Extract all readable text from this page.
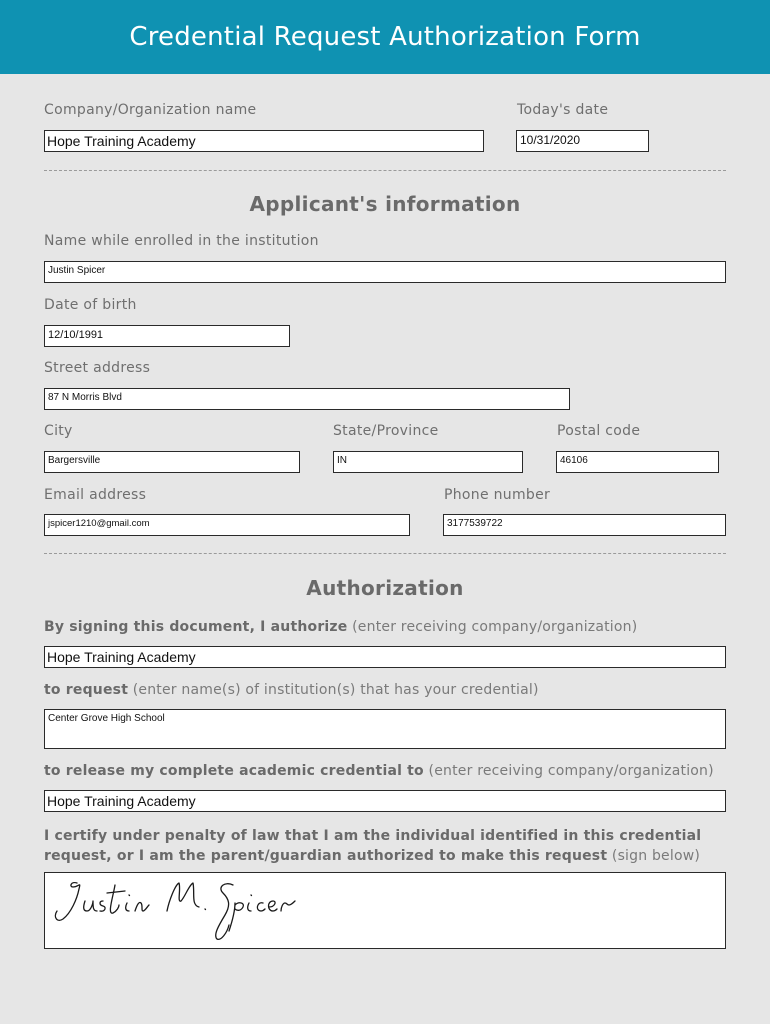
Credential Request Authorization Form
Company/Organization name
Hope Training Academy
Today's date
10/31/2020
Applicant's information
Name while enrolled in the institution
Justin Spicer
Date of birth
12/10/1991
Street address
87 N Morris Blvd
City
Bargersville
State/Province
IN
Postal code
46106
Email address
jspicer1210@gmail.com
Phone number
3177539722
Authorization
By signing this document, I authorize (enter receiving company/organization)
Hope Training Academy
to request (enter name(s) of institution(s) that has your credential)
Center Grove High School
to release my complete academic credential to (enter receiving company/organization)
Hope Training Academy
I certify under penalty of law that I am the individual identified in this credential
request, or I am the parent/guardian authorized to make this request (sign below)
